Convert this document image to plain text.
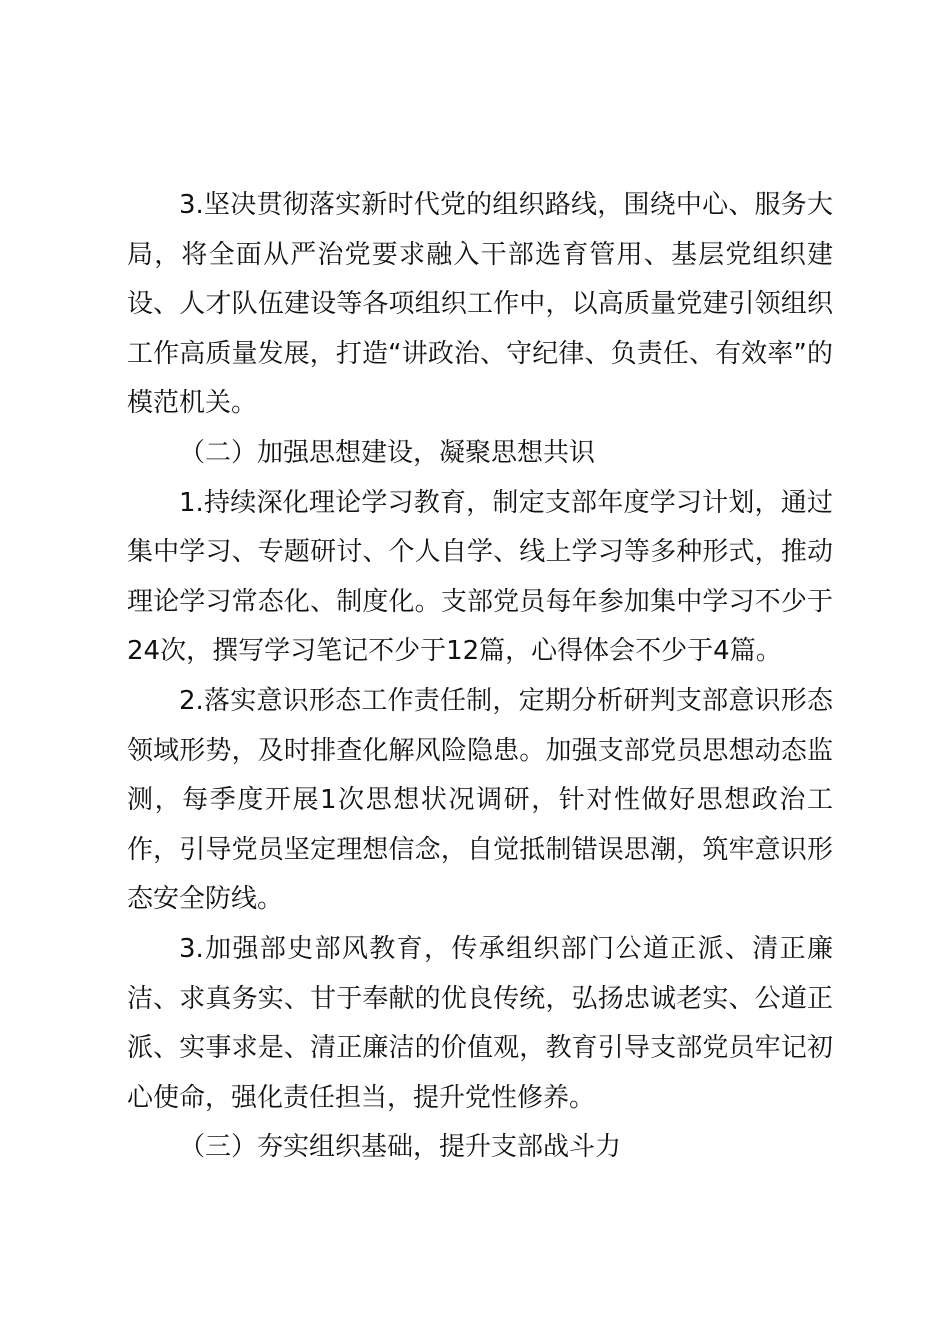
3.坚决贯彻落实新时代党的组织路线，围绕中心、服务大局，将全面从严治党要求融入干部选育管用、基层党组织建设、人才队伍建设等各项组织工作中，以高质量党建引领组织工作高质量发展，打造“讲政治、守纪律、负责任、有效率”的模范机关。

（二）加强思想建设，凝聚思想共识

1.持续深化理论学习教育，制定支部年度学习计划，通过集中学习、专题研讨、个人自学、线上学习等多种形式，推动理论学习常态化、制度化。支部党员每年参加集中学习不少于24次，撰写学习笔记不少于12篇，心得体会不少于4篇。

2.落实意识形态工作责任制，定期分析研判支部意识形态领域形势，及时排查化解风险隐患。加强支部党员思想动态监测，每季度开展1次思想状况调研，针对性做好思想政治工作，引导党员坚定理想信念，自觉抵制错误思潮，筑牢意识形态安全防线。

3.加强部史部风教育，传承组织部门公道正派、清正廉洁、求真务实、甘于奉献的优良传统，弘扬忠诚老实、公道正派、实事求是、清正廉洁的价值观，教育引导支部党员牢记初心使命，强化责任担当，提升党性修养。

（三）夯实组织基础，提升支部战斗力
